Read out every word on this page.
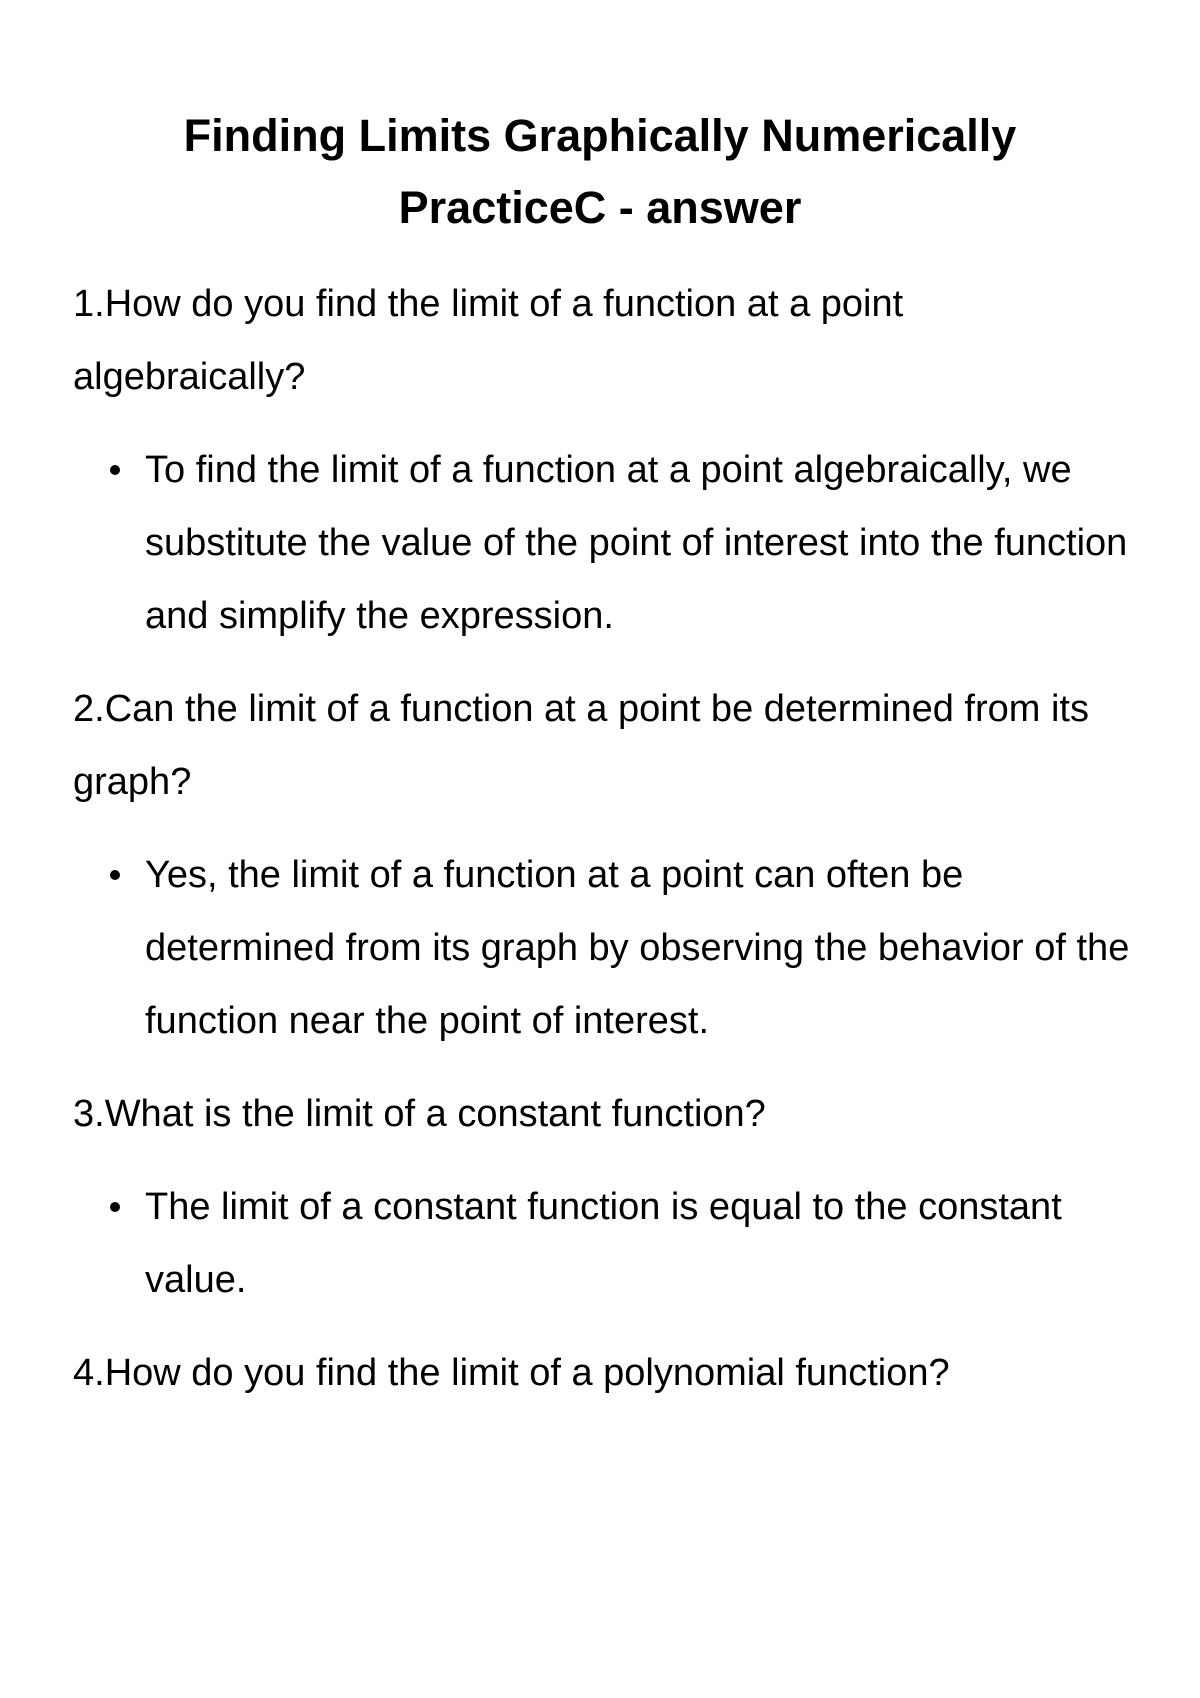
Finding Limits Graphically Numerically PracticeC - answer

1.How do you find the limit of a function at a point algebraically?

To find the limit of a function at a point algebraically, we substitute the value of the point of interest into the function and simplify the expression.

2.Can the limit of a function at a point be determined from its graph?

Yes, the limit of a function at a point can often be determined from its graph by observing the behavior of the function near the point of interest.

3.What is the limit of a constant function?

The limit of a constant function is equal to the constant value.

4.How do you find the limit of a polynomial function?
